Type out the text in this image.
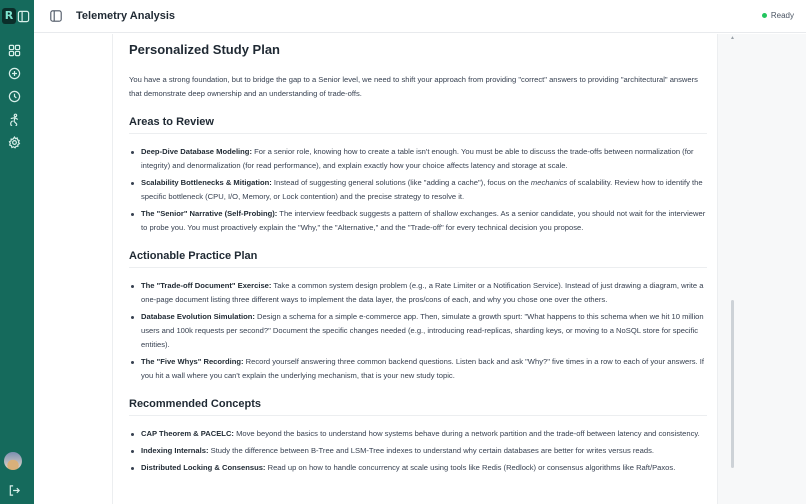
R	Telemetry Analysis	Ready
Personalized Study Plan

You have a strong foundation, but to bridge the gap to a Senior level, we need to shift your approach from providing "correct" answers to providing "architectural" answers that demonstrate deep ownership and an understanding of trade-offs.

Areas to Review
Deep-Dive Database Modeling: For a senior role, knowing how to create a table isn't enough. You must be able to discuss the trade-offs between normalization (for integrity) and denormalization (for read performance), and explain exactly how your choice affects latency and storage at scale.
Scalability Bottlenecks & Mitigation: Instead of suggesting general solutions (like "adding a cache"), focus on the mechanics of scalability. Review how to identify the specific bottleneck (CPU, I/O, Memory, or Lock contention) and the precise strategy to resolve it.
The "Senior" Narrative (Self-Probing): The interview feedback suggests a pattern of shallow exchanges. As a senior candidate, you should not wait for the interviewer to probe you. You must proactively explain the "Why," the "Alternative," and the "Trade-off" for every technical decision you propose.
Actionable Practice Plan
The "Trade-off Document" Exercise: Take a common system design problem (e.g., a Rate Limiter or a Notification Service). Instead of just drawing a diagram, write a one-page document listing three different ways to implement the data layer, the pros/cons of each, and why you chose one over the others.
Database Evolution Simulation: Design a schema for a simple e-commerce app. Then, simulate a growth spurt: "What happens to this schema when we hit 10 million users and 100k requests per second?" Document the specific changes needed (e.g., introducing read-replicas, sharding keys, or moving to a NoSQL store for specific entities).
The "Five Whys" Recording: Record yourself answering three common backend questions. Listen back and ask "Why?" five times in a row to each of your answers. If you hit a wall where you can't explain the underlying mechanism, that is your new study topic.
Recommended Concepts
CAP Theorem & PACELC: Move beyond the basics to understand how systems behave during a network partition and the trade-off between latency and consistency.
Indexing Internals: Study the difference between B-Tree and LSM-Tree indexes to understand why certain databases are better for writes versus reads.
Distributed Locking & Consensus: Read up on how to handle concurrency at scale using tools like Redis (Redlock) or consensus algorithms like Raft/Paxos.
▲
